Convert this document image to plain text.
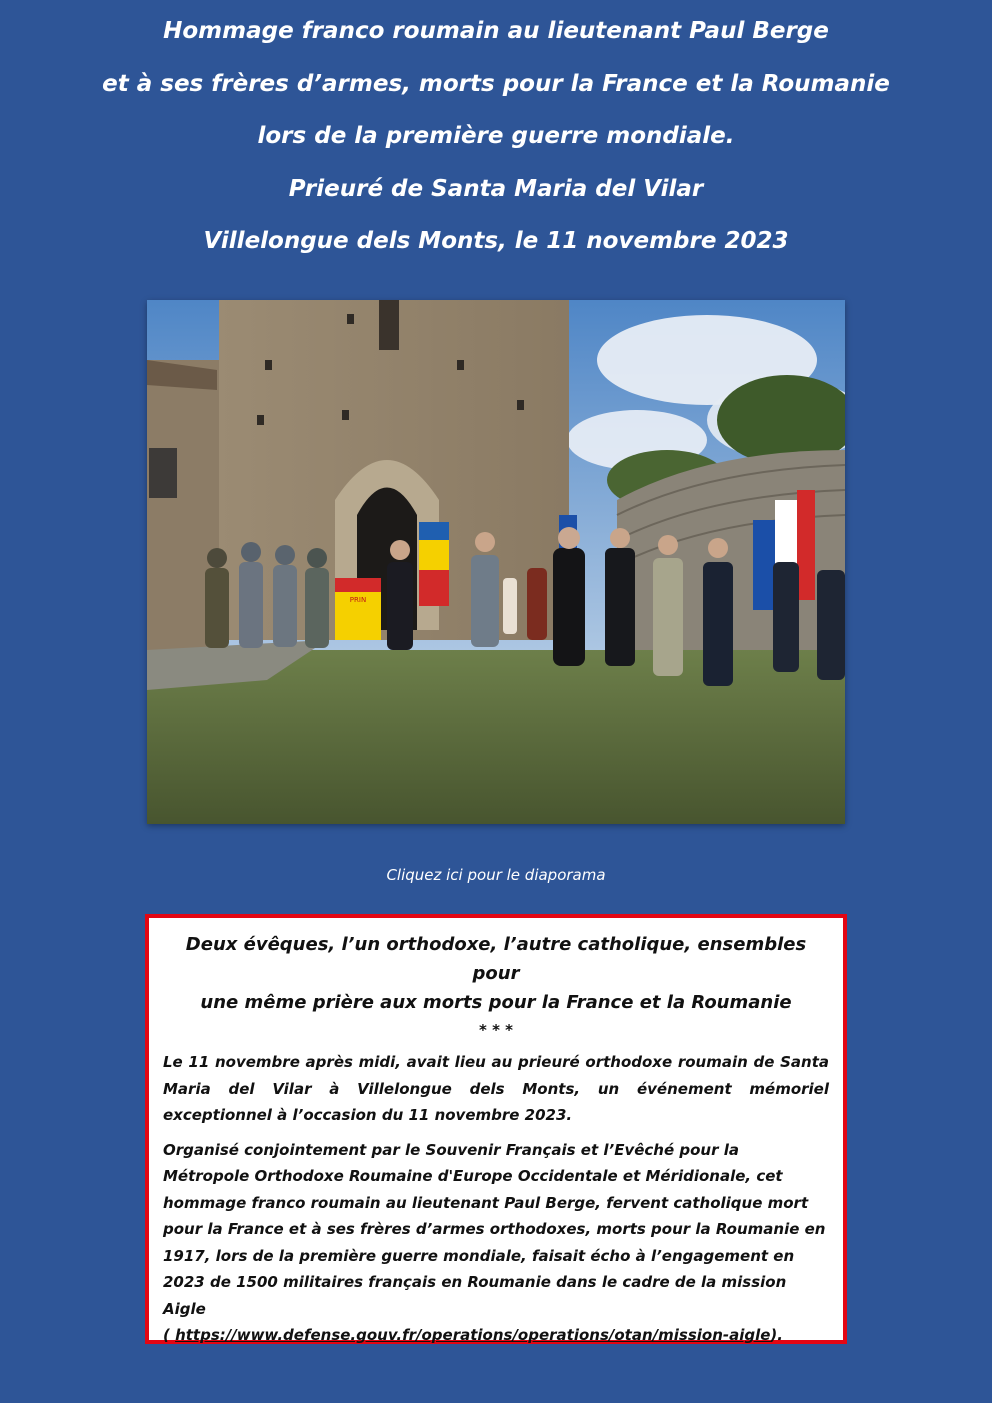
Hommage franco roumain au lieutenant Paul Berge

et à ses frères d’armes, morts pour la France et la Roumanie

lors de la première guerre mondiale.

Prieuré de Santa Maria del Vilar

Villelongue dels Monts, le 11 novembre 2023

PRIN
Cliquez ici pour le diaporama

Deux évêques, l’un orthodoxe, l’autre catholique, ensembles pour

une même prière aux morts pour la France et la Roumanie

* * *

Le 11 novembre après midi, avait lieu au prieuré orthodoxe roumain de Santa Maria del Vilar à Villelongue dels Monts, un événement mémoriel exceptionnel à l’occasion du 11 novembre 2023.

Organisé conjointement par le Souvenir Français et l’Evêché pour la Métropole Orthodoxe Roumaine d'Europe Occidentale et Méridionale, cet hommage franco roumain au lieutenant Paul Berge, fervent catholique mort pour la France et à ses frères d’armes orthodoxes, morts pour la Roumanie en 1917, lors de la première guerre mondiale, faisait écho à l’engagement en 2023 de 1500 militaires français en Roumanie dans le cadre de la mission Aigle
( https://www.defense.gouv.fr/operations/operations/otan/mission-aigle).
